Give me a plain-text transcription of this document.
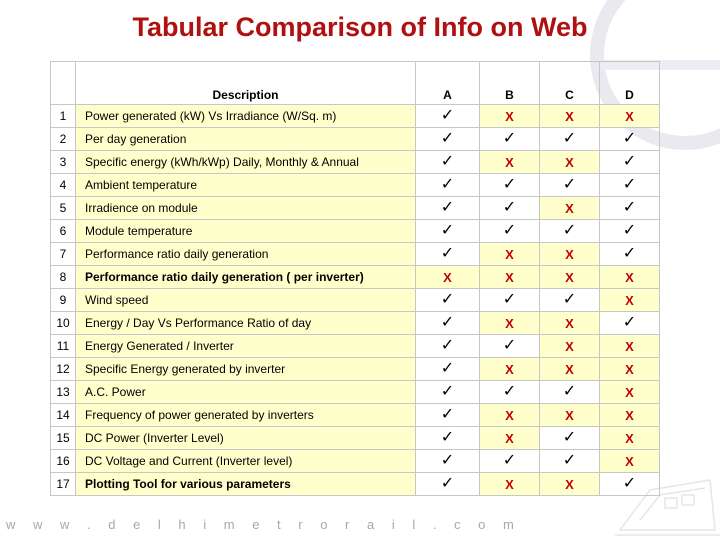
Tabular Comparison of Info on Web
	Description	A	B	C	D
1	Power generated (kW) Vs Irradiance (W/Sq. m)	✓	X	X	X
2	Per day generation	✓	✓	✓	✓
3	Specific energy (kWh/kWp) Daily, Monthly & Annual	✓	X	X	✓
4	Ambient temperature	✓	✓	✓	✓
5	Irradience on module	✓	✓	X	✓
6	Module temperature	✓	✓	✓	✓
7	Performance ratio daily generation	✓	X	X	✓
8	Performance ratio daily generation ( per inverter)	X	X	X	X
9	Wind speed	✓	✓	✓	X
10	Energy / Day Vs Performance Ratio of day	✓	X	X	✓
11	Energy Generated / Inverter	✓	✓	X	X
12	Specific Energy generated by inverter	✓	X	X	X
13	A.C. Power	✓	✓	✓	X
14	Frequency of power generated by inverters	✓	X	X	X
15	DC Power (Inverter Level)	✓	X	✓	X
16	DC Voltage and Current (Inverter level)	✓	✓	✓	X
17	Plotting Tool for various parameters	✓	X	X	✓
w w w . d e l h i m e t r o r a i l . c o m
